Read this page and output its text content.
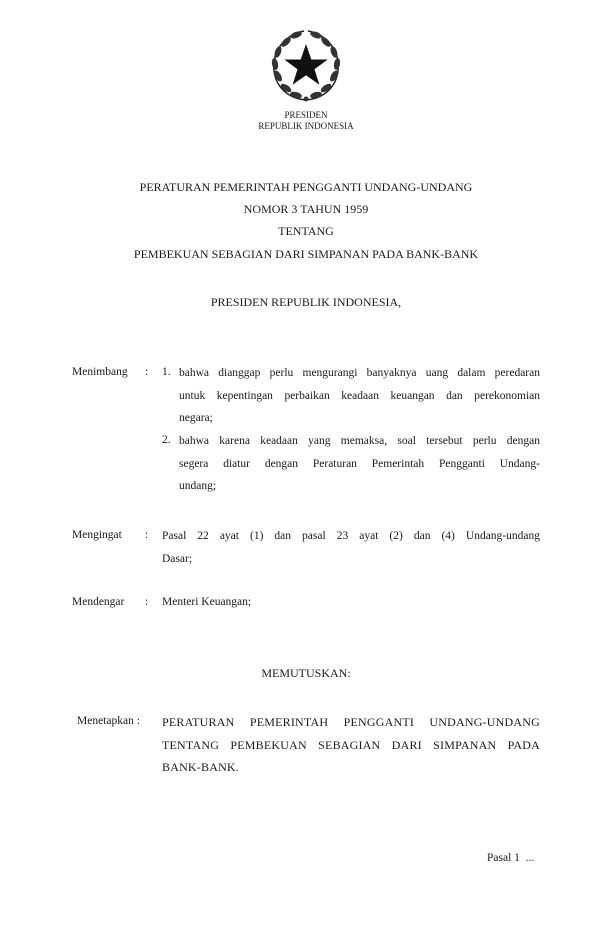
PRESIDEN
REPUBLIK INDONESIA
PERATURAN PEMERINTAH PENGGANTI UNDANG-UNDANG
NOMOR 3 TAHUN 1959
TENTANG
PEMBEKUAN SEBAGIAN DARI SIMPANAN PADA BANK-BANK
PRESIDEN REPUBLIK INDONESIA,
Menimbang : 1. bahwa dianggap perlu mengurangi banyaknya uang dalam peredaran
untuk kepentingan perbaikan keadaan keuangan dan perekonomian
negara;
2. bahwa karena keadaan yang memaksa, soal tersebut perlu dengan
segera diatur dengan Peraturan Pemerintah Pengganti Undang-
undang;
Mengingat : Pasal 22 ayat (1) dan pasal 23 ayat (2) dan (4) Undang-undang
Dasar;
Mendengar : Menteri Keuangan;
MEMUTUSKAN:
Menetapkan : PERATURAN PEMERINTAH PENGGANTI UNDANG-UNDANG
TENTANG PEMBEKUAN SEBAGIAN DARI SIMPANAN PADA
BANK-BANK.
Pasal 1  ...
